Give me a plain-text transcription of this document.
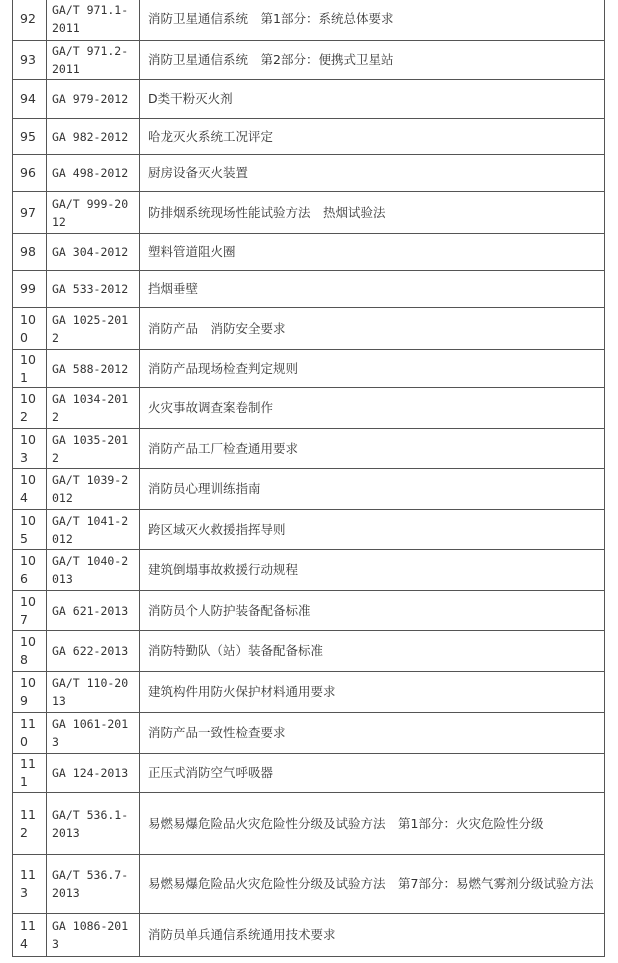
92	GA/T 971.1-2011	消防卫星通信系统　第1部分：系统总体要求
93	GA/T 971.2-2011	消防卫星通信系统　第2部分：便携式卫星站
94	GA 979-2012	D类干粉灭火剂
95	GA 982-2012	哈龙灭火系统工况评定
96	GA 498-2012	厨房设备灭火装置
97	GA/T 999-2012	防排烟系统现场性能试验方法　热烟试验法
98	GA 304-2012	塑料管道阻火圈
99	GA 533-2012	挡烟垂壁
100	GA 1025-2012	消防产品　消防安全要求
101	GA 588-2012	消防产品现场检查判定规则
102	GA 1034-2012	火灾事故调查案卷制作
103	GA 1035-2012	消防产品工厂检查通用要求
104	GA/T 1039-2012	消防员心理训练指南
105	GA/T 1041-2012	跨区域灭火救援指挥导则
106	GA/T 1040-2013	建筑倒塌事故救援行动规程
107	GA 621-2013	消防员个人防护装备配备标准
108	GA 622-2013	消防特勤队（站）装备配备标准
109	GA/T 110-2013	建筑构件用防火保护材料通用要求
110	GA 1061-2013	消防产品一致性检查要求
111	GA 124-2013	正压式消防空气呼吸器
112	GA/T 536.1-2013	易燃易爆危险品火灾危险性分级及试验方法　第1部分：火灾危险性分级
113	GA/T 536.7-2013	易燃易爆危险品火灾危险性分级及试验方法　第7部分：易燃气雾剂分级试验方法
114	GA 1086-2013	消防员单兵通信系统通用技术要求
